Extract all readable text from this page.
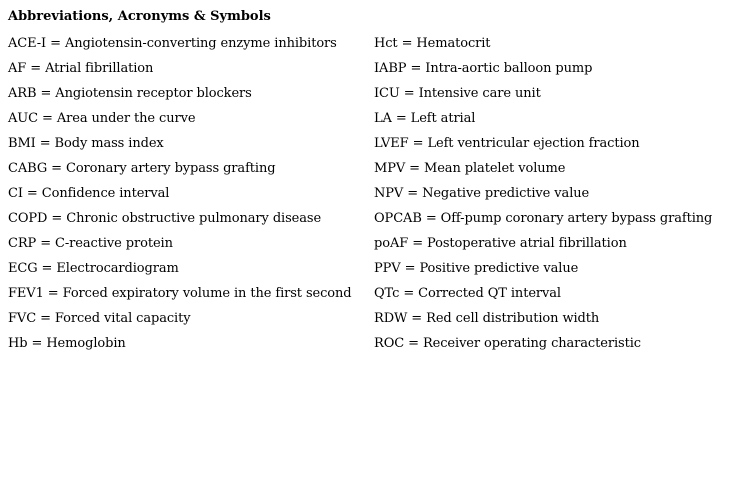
Abbreviations, Acronyms & Symbols
ACE-I = Angiotensin-converting enzyme inhibitors
AF = Atrial fibrillation
ARB = Angiotensin receptor blockers
AUC = Area under the curve
BMI = Body mass index
CABG = Coronary artery bypass grafting
CI = Confidence interval
COPD = Chronic obstructive pulmonary disease
CRP = C-reactive protein
ECG = Electrocardiogram
FEV1 = Forced expiratory volume in the first second
FVC = Forced vital capacity
Hb = Hemoglobin
Hct = Hematocrit
IABP = Intra-aortic balloon pump
ICU = Intensive care unit
LA = Left atrial
LVEF = Left ventricular ejection fraction
MPV = Mean platelet volume
NPV = Negative predictive value
OPCAB = Off-pump coronary artery bypass grafting
poAF = Postoperative atrial fibrillation
PPV = Positive predictive value
QTc = Corrected QT interval
RDW = Red cell distribution width
ROC = Receiver operating characteristic
